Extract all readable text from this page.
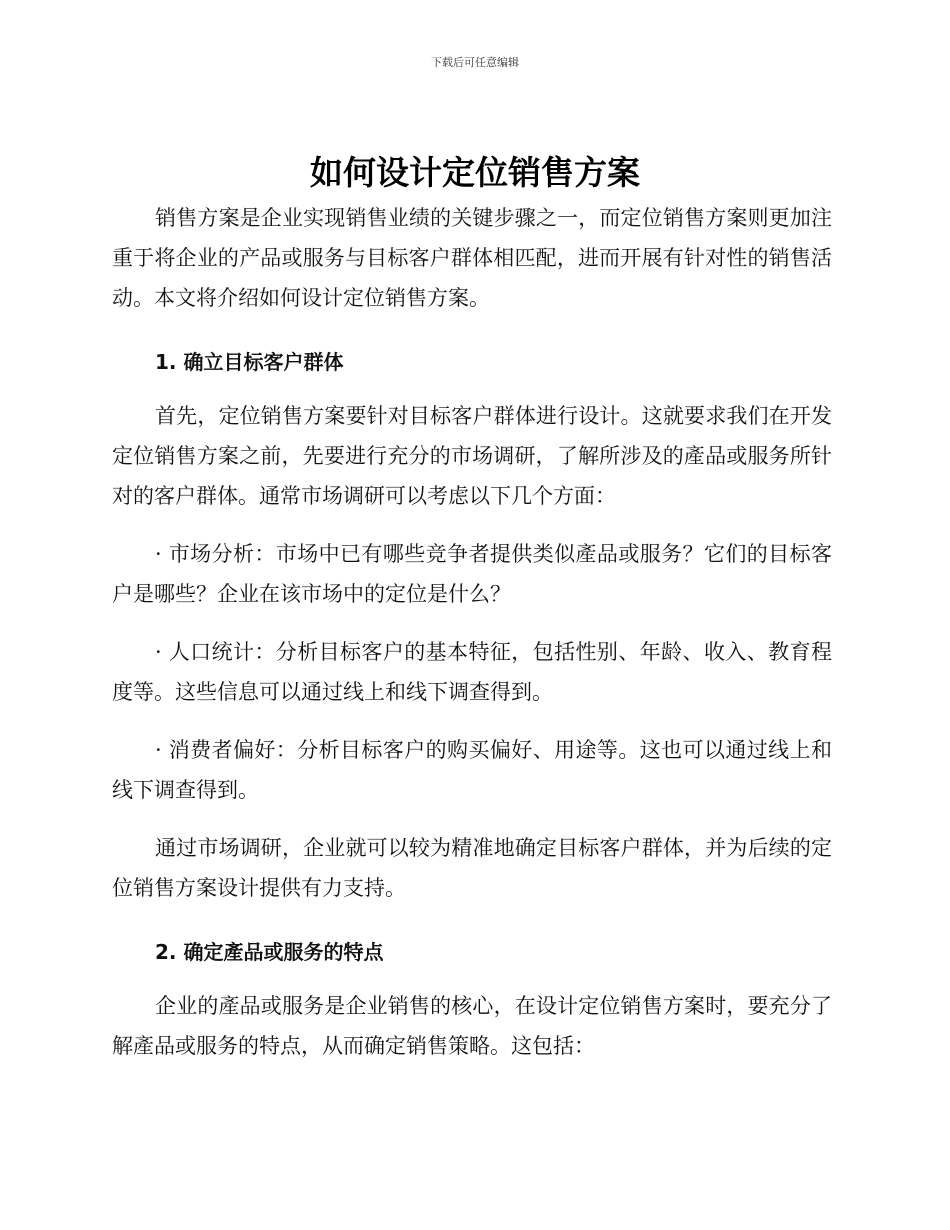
下载后可任意编辑
如何设计定位销售方案

销售方案是企业实现销售业绩的关键步骤之一，而定位销售方案则更加注重于将企业的产品或服务与目标客户群体相匹配，进而开展有针对性的销售活动。本文将介绍如何设计定位销售方案。

1. 确立目标客户群体

首先，定位销售方案要针对目标客户群体进行设计。这就要求我们在开发定位销售方案之前，先要进行充分的市场调研，了解所涉及的產品或服务所针对的客户群体。通常市场调研可以考虑以下几个方面：

· 市场分析：市场中已有哪些竞争者提供类似產品或服务？它们的目标客户是哪些？企业在该市场中的定位是什么？

· 人口统计：分析目标客户的基本特征，包括性别、年龄、收入、教育程度等。这些信息可以通过线上和线下调查得到。

· 消费者偏好：分析目标客户的购买偏好、用途等。这也可以通过线上和线下调查得到。

通过市场调研，企业就可以较为精准地确定目标客户群体，并为后续的定位销售方案设计提供有力支持。

2. 确定產品或服务的特点

企业的產品或服务是企业销售的核心，在设计定位销售方案时，要充分了解產品或服务的特点，从而确定销售策略。这包括：
